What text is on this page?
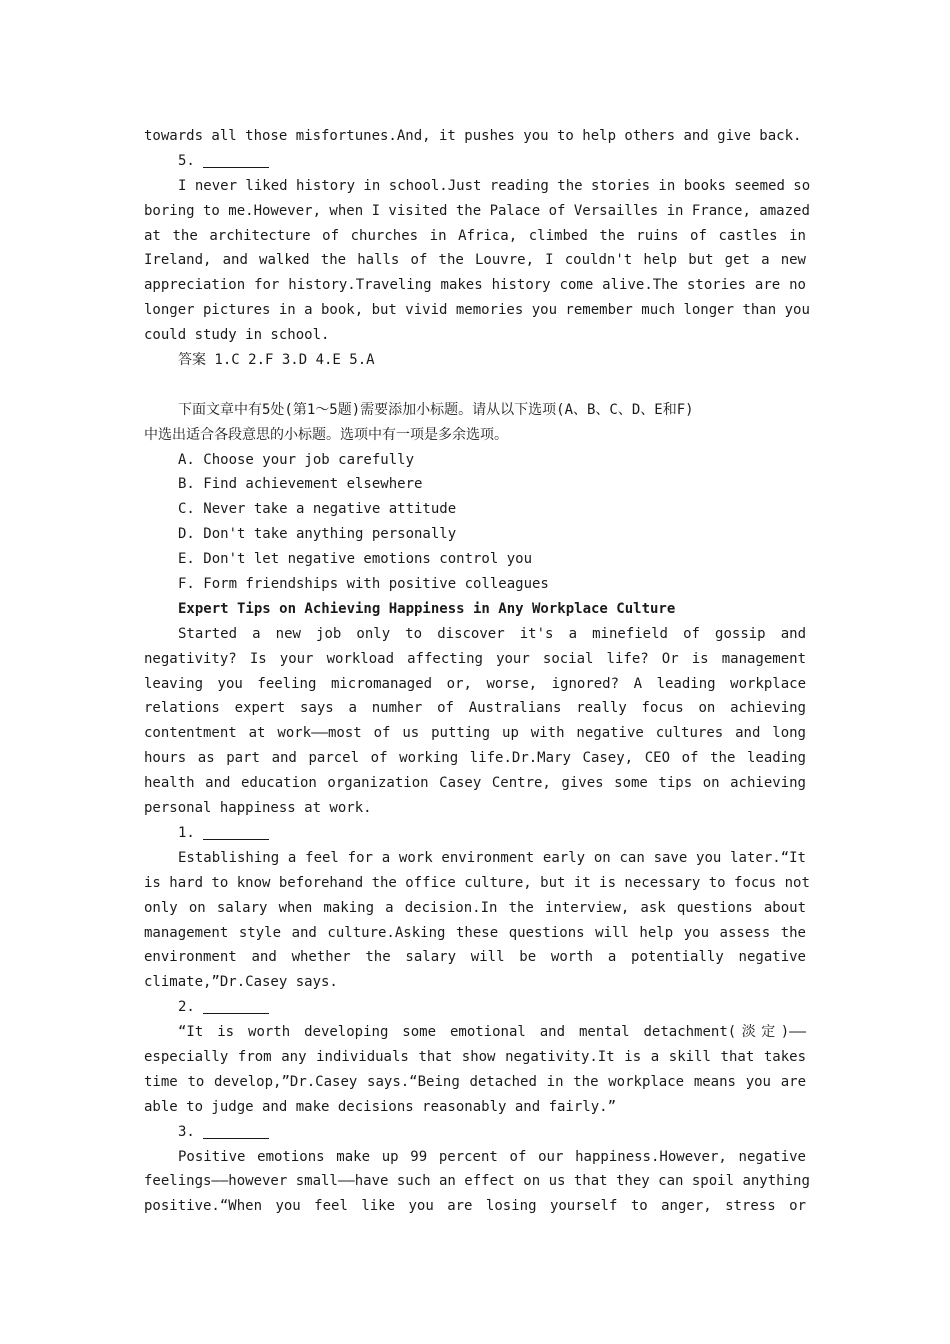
towards all those misfortunes.And, it pushes you to help others and give back.
5.
I never liked history in school.Just reading the stories in books seemed so
boring to me.However, when I visited the Palace of Versailles in France, amazed
at the architecture of churches in Africa, climbed the ruins of castles in
Ireland, and walked the halls of the Louvre, I couldn't help but get a new
appreciation for history.Traveling makes history come alive.The stories are no
longer pictures in a book, but vivid memories you remember much longer than you
could study in school.
答案 1.C 2.F 3.D 4.E 5.A
下面文章中有5处(第1～5题)需要添加小标题。请从以下选项(A、B、C、D、E和F)
中选出适合各段意思的小标题。选项中有一项是多余选项。
A. Choose your job carefully
B. Find achievement elsewhere
C. Never take a negative attitude
D. Don't take anything personally
E. Don't let negative emotions control you
F. Form friendships with positive colleagues
Expert Tips on Achieving Happiness in Any Workplace Culture
Started a new job only to discover it's a minefield of gossip and
negativity? Is your workload affecting your social life? Or is management
leaving you feeling micromanaged or, worse, ignored? A leading workplace
relations expert says a numher of Australians really focus on achieving
contentment at work——most of us putting up with negative cultures and long
hours as part and parcel of working life.Dr.Mary Casey, CEO of the leading
health and education organization Casey Centre, gives some tips on achieving
personal happiness at work.
1.
Establishing a feel for a work environment early on can save you later.“It
is hard to know beforehand the office culture, but it is necessary to focus not
only on salary when making a decision.In the interview, ask questions about
management style and culture.Asking these questions will help you assess the
environment and whether the salary will be worth a potentially negative
climate,”Dr.Casey says.
2.
“It is worth developing some emotional and mental detachment(淡定)——
especially from any individuals that show negativity.It is a skill that takes
time to develop,”Dr.Casey says.“Being detached in the workplace means you are
able to judge and make decisions reasonably and fairly.”
3.
Positive emotions make up 99 percent of our happiness.However, negative
feelings——however small——have such an effect on us that they can spoil anything
positive.“When you feel like you are losing yourself to anger, stress or
